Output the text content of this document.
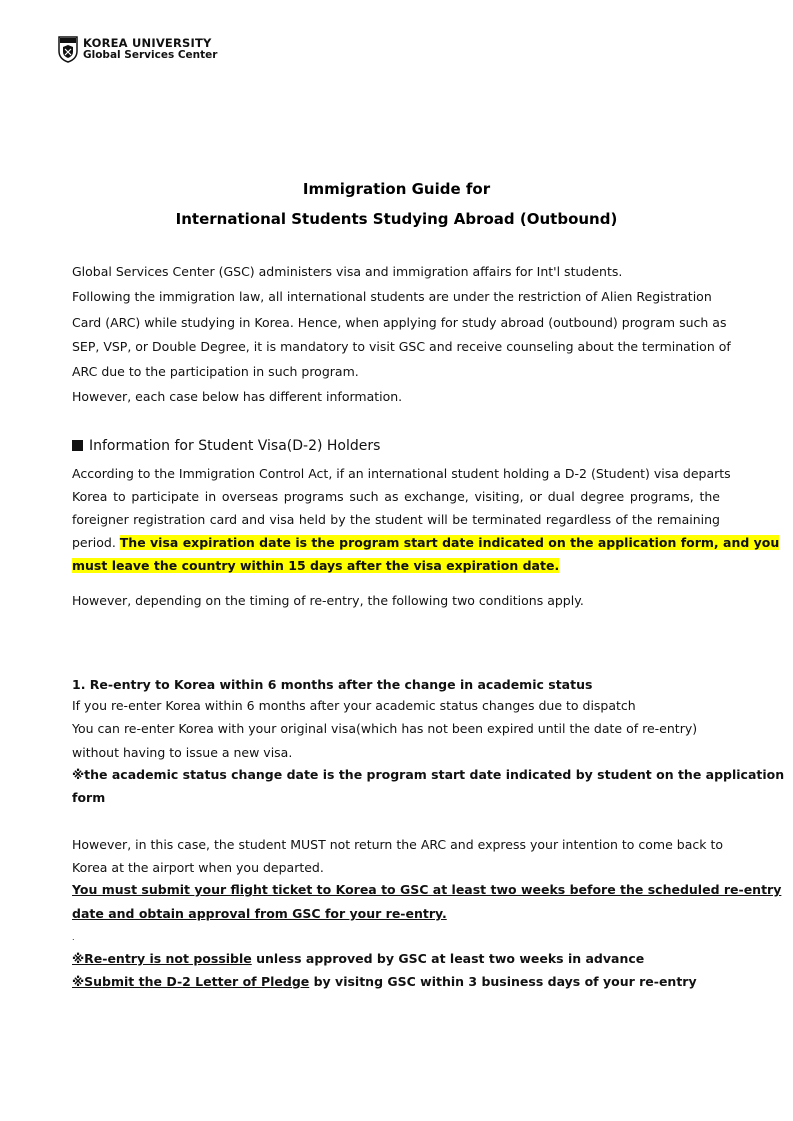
KOREA UNIVERSITY
Global Services Center
Immigration Guide for
International Students Studying Abroad (Outbound)
Global Services Center (GSC) administers visa and immigration affairs for Int'l students.
Following the immigration law, all international students are under the restriction of Alien Registration
Card (ARC) while studying in Korea. Hence, when applying for study abroad (outbound) program such as
SEP, VSP, or Double Degree, it is mandatory to visit GSC and receive counseling about the termination of
ARC due to the participation in such program.
However, each case below has different information.
Information for Student Visa(D-2) Holders
According to the Immigration Control Act, if an international student holding a D-2 (Student) visa departs
Korea to participate in overseas programs such as exchange, visiting, or dual degree programs, the
foreigner registration card and visa held by the student will be terminated regardless of the remaining
period. The visa expiration date is the program start date indicated on the application form, and you
must leave the country within 15 days after the visa expiration date.
However, depending on the timing of re-entry, the following two conditions apply.
1. Re-entry to Korea within 6 months after the change in academic status
If you re-enter Korea within 6 months after your academic status changes due to dispatch
You can re-enter Korea with your original visa(which has not been expired until the date of re-entry)
without having to issue a new visa.
※the academic status change date is the program start date indicated by student on the application
form
However, in this case, the student MUST not return the ARC and express your intention to come back to
Korea at the airport when you departed.
You must submit your flight ticket to Korea to GSC at least two weeks before the scheduled re-entry
date and obtain approval from GSC for your re-entry.
.
※Re-entry is not possible unless approved by GSC at least two weeks in advance
※Submit the D-2 Letter of Pledge by visitng GSC within 3 business days of your re-entry
